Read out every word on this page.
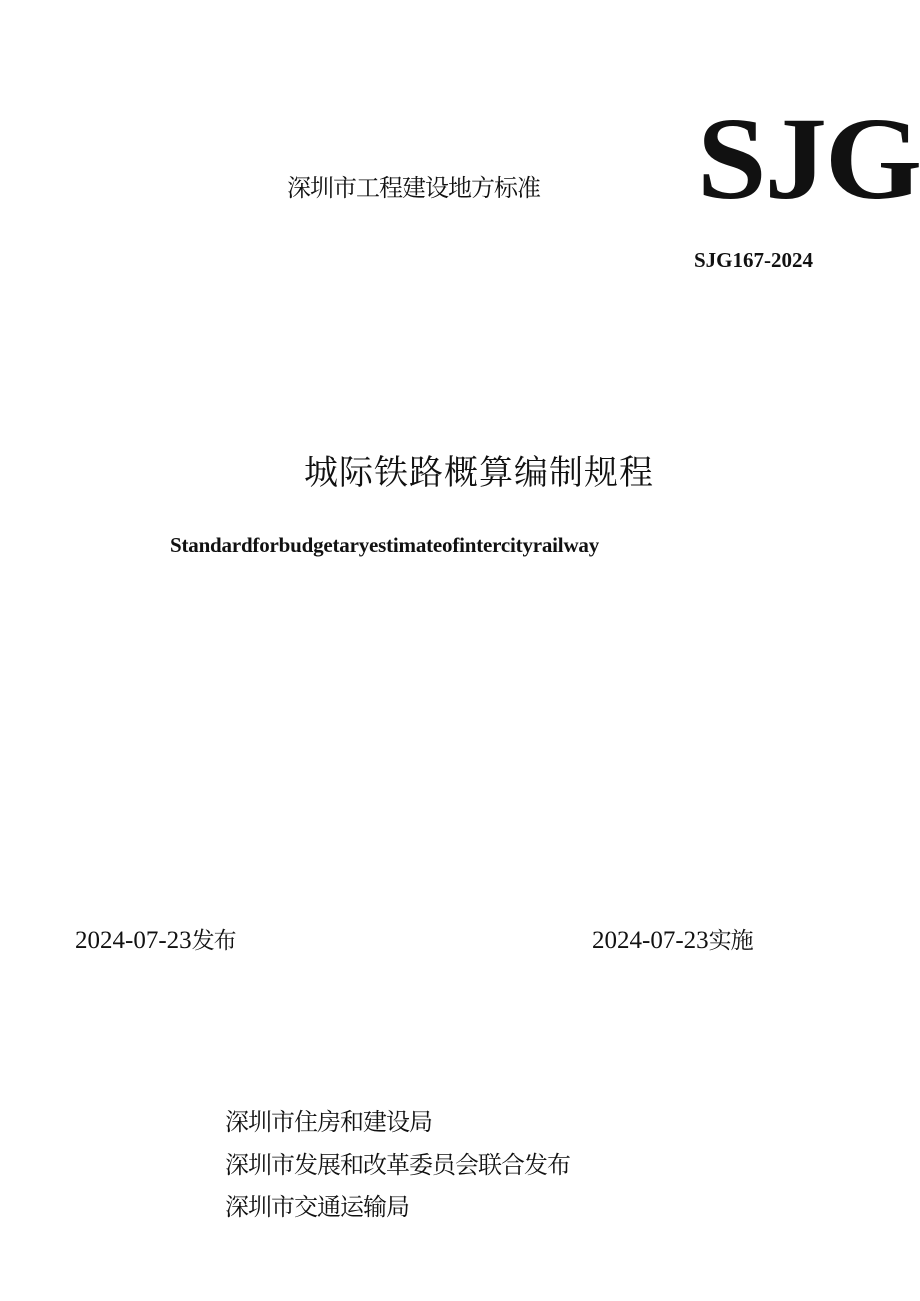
深圳市工程建设地方标准 SJG
SJG167-2024
城际铁路概算编制规程
Standardforbudgetaryestimateofintercityrailway
2024-07-23发布	2024-07-23实施
深圳市住房和建设局
深圳市发展和改革委员会联合发布
深圳市交通运输局
